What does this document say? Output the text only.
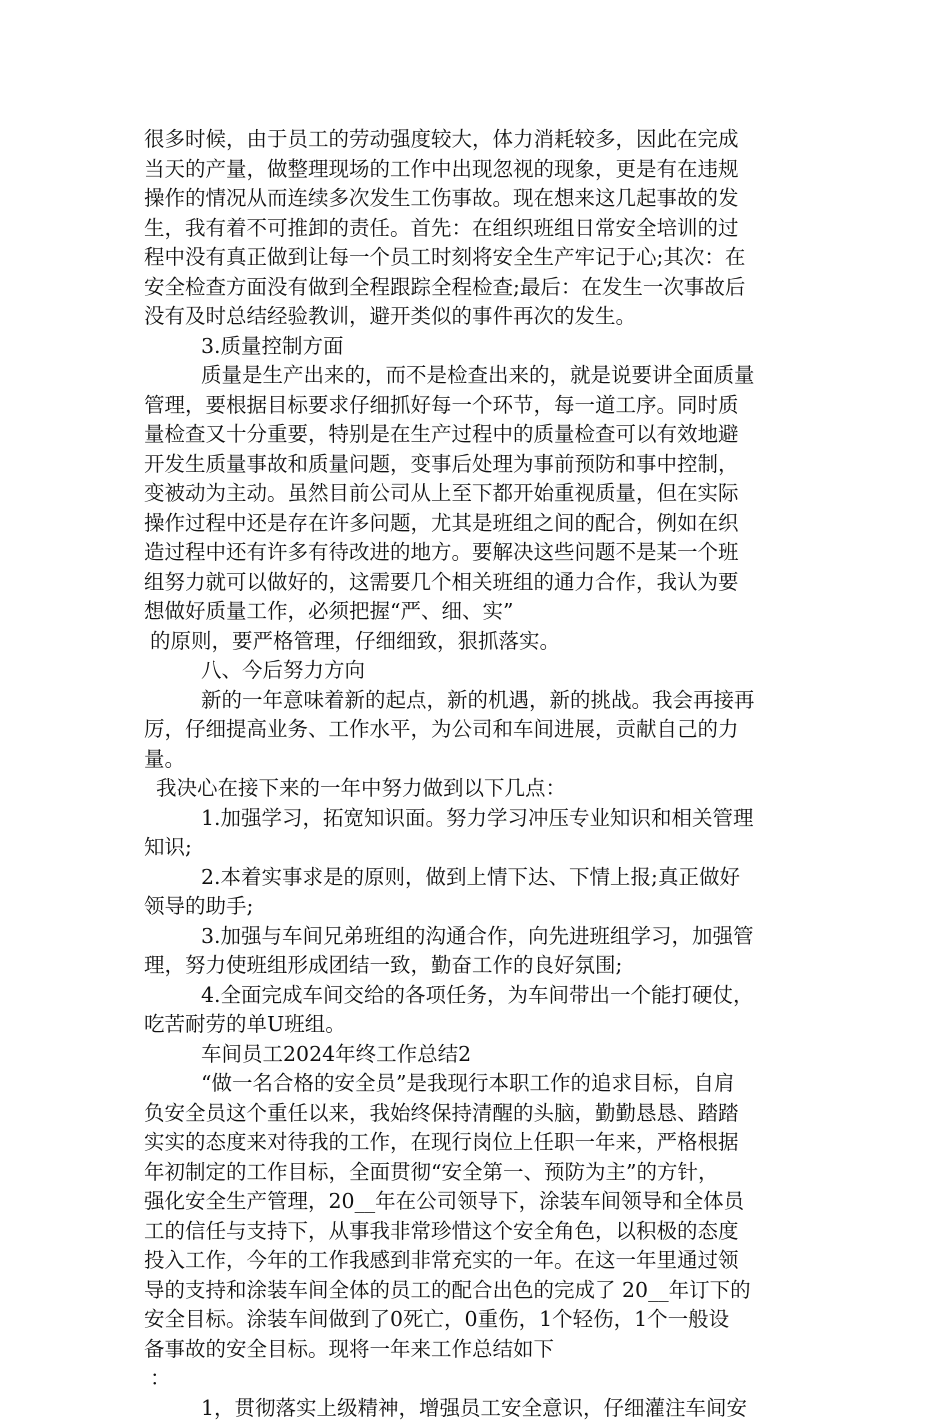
很多时候，由于员工的劳动强度较大，体力消耗较多，因此在完成
当天的产量，做整理现场的工作中出现忽视的现象，更是有在违规
操作的情况从而连续多次发生工伤事故。现在想来这几起事故的发
生，我有着不可推卸的责任。首先：在组织班组日常安全培训的过
程中没有真正做到让每一个员工时刻将安全生产牢记于心;其次：在
安全检查方面没有做到全程跟踪全程检查;最后：在发生一次事故后
没有及时总结经验教训，避开类似的事件再次的发生。
3.质量控制方面
质量是生产出来的，而不是检查出来的，就是说要讲全面质量
管理，要根据目标要求仔细抓好每一个环节，每一道工序。同时质
量检查又十分重要，特别是在生产过程中的质量检查可以有效地避
开发生质量事故和质量问题，变事后处理为事前预防和事中控制，
变被动为主动。虽然目前公司从上至下都开始重视质量，但在实际
操作过程中还是存在许多问题，尤其是班组之间的配合，例如在织
造过程中还有许多有待改进的地方。要解决这些问题不是某一个班
组努力就可以做好的，这需要几个相关班组的通力合作，我认为要
想做好质量工作，必须把握“严、细、实”
的原则，要严格管理，仔细细致，狠抓落实。
八、今后努力方向
新的一年意味着新的起点，新的机遇，新的挑战。我会再接再
厉，仔细提高业务、工作水平，为公司和车间进展，贡献自己的力
量。
我决心在接下来的一年中努力做到以下几点：
1.加强学习，拓宽知识面。努力学习冲压专业知识和相关管理
知识;
2.本着实事求是的原则，做到上情下达、下情上报;真正做好
领导的助手;
3.加强与车间兄弟班组的沟通合作，向先进班组学习，加强管
理，努力使班组形成团结一致，勤奋工作的良好氛围;
4.全面完成车间交给的各项任务，为车间带出一个能打硬仗，
吃苦耐劳的单U班组。
车间员工2024年终工作总结2
“做一名合格的安全员”是我现行本职工作的追求目标，自肩
负安全员这个重任以来，我始终保持清醒的头脑，勤勤恳恳、踏踏
实实的态度来对待我的工作，在现行岗位上任职一年来，严格根据
年初制定的工作目标，全面贯彻“安全第一、预防为主”的方针，
强化安全生产管理，20__年在公司领导下，涂装车间领导和全体员
工的信任与支持下，从事我非常珍惜这个安全角色，以积极的态度
投入工作，今年的工作我感到非常充实的一年。在这一年里通过领
导的支持和涂装车间全体的员工的配合出色的完成了 20__年订下的
安全目标。涂装车间做到了0死亡，0重伤，1个轻伤，1个一般设
备事故的安全目标。现将一年来工作总结如下
：
1，贯彻落实上级精神，增强员工安全意识，仔细灌注车间安
